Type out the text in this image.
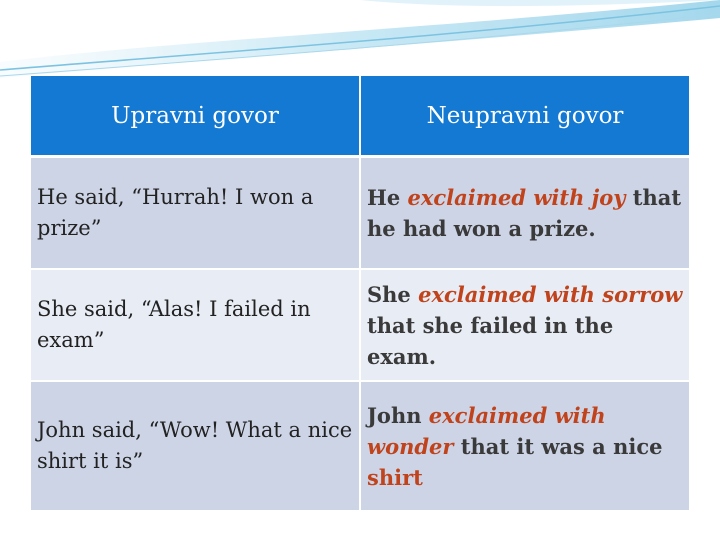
Upravni govor	Neupravni govor
He said, “Hurrah! I won a prize”	He exclaimed with joy that he had won a prize.
She said, “Alas! I failed in exam”	She exclaimed with sorrow that she failed in the exam.
John said, “Wow! What a nice shirt it is”	John exclaimed with wonder that it was a nice shirt
